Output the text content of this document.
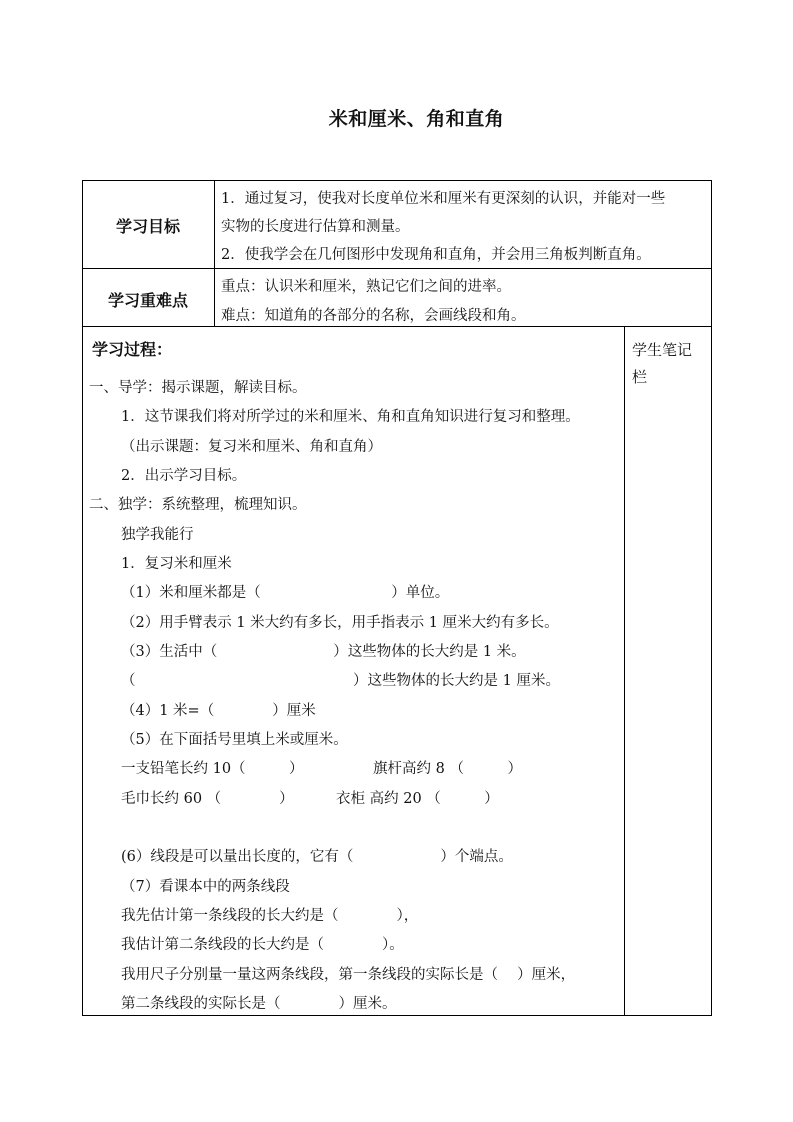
米和厘米、角和直角
学习目标
1．通过复习，使我对长度单位米和厘米有更深刻的认识，并能对一些
实物的长度进行估算和测量。
2．使我学会在几何图形中发现角和直角，并会用三角板判断直角。
学习重难点
重点：认识米和厘米，熟记它们之间的进率。
难点：知道角的各部分的名称，会画线段和角。
学生笔记
栏
学习过程：
一、导学：揭示课题，解读目标。
1．这节课我们将对所学过的米和厘米、角和直角知识进行复习和整理。
（出示课题：复习米和厘米、角和直角）
2．出示学习目标。
二、独学：系统整理，梳理知识。
独学我能行
1．复习米和厘米
（1）米和厘米都是（　　　　　　　　　）单位。
（2）用手臂表示 1 米大约有多长，用手指表示 1 厘米大约有多长。
（3）生活中（　　　　　　　　）这些物体的长大约是 1 米。
（　　　　　　　　　　　　　　　）这些物体的长大约是 1 厘米。
（4）1 米=（　　　　）厘米
（5）在下面括号里填上米或厘米。
一支铅笔长约 10（　　　）	旗杆高约 8 （　　　）
毛巾长约 60 （　　　　）	衣柜 高约 20 （　　　）
(6）线段是可以量出长度的，它有（　　　　　　）个端点。
（7）看课本中的两条线段
我先估计第一条线段的长大约是（　　　　），
我估计第二条线段的长大约是（　　　　）。
我用尺子分别量一量这两条线段，第一条线段的实际长是（　 ）厘米，
第二条线段的实际长是（　　　　）厘米。
